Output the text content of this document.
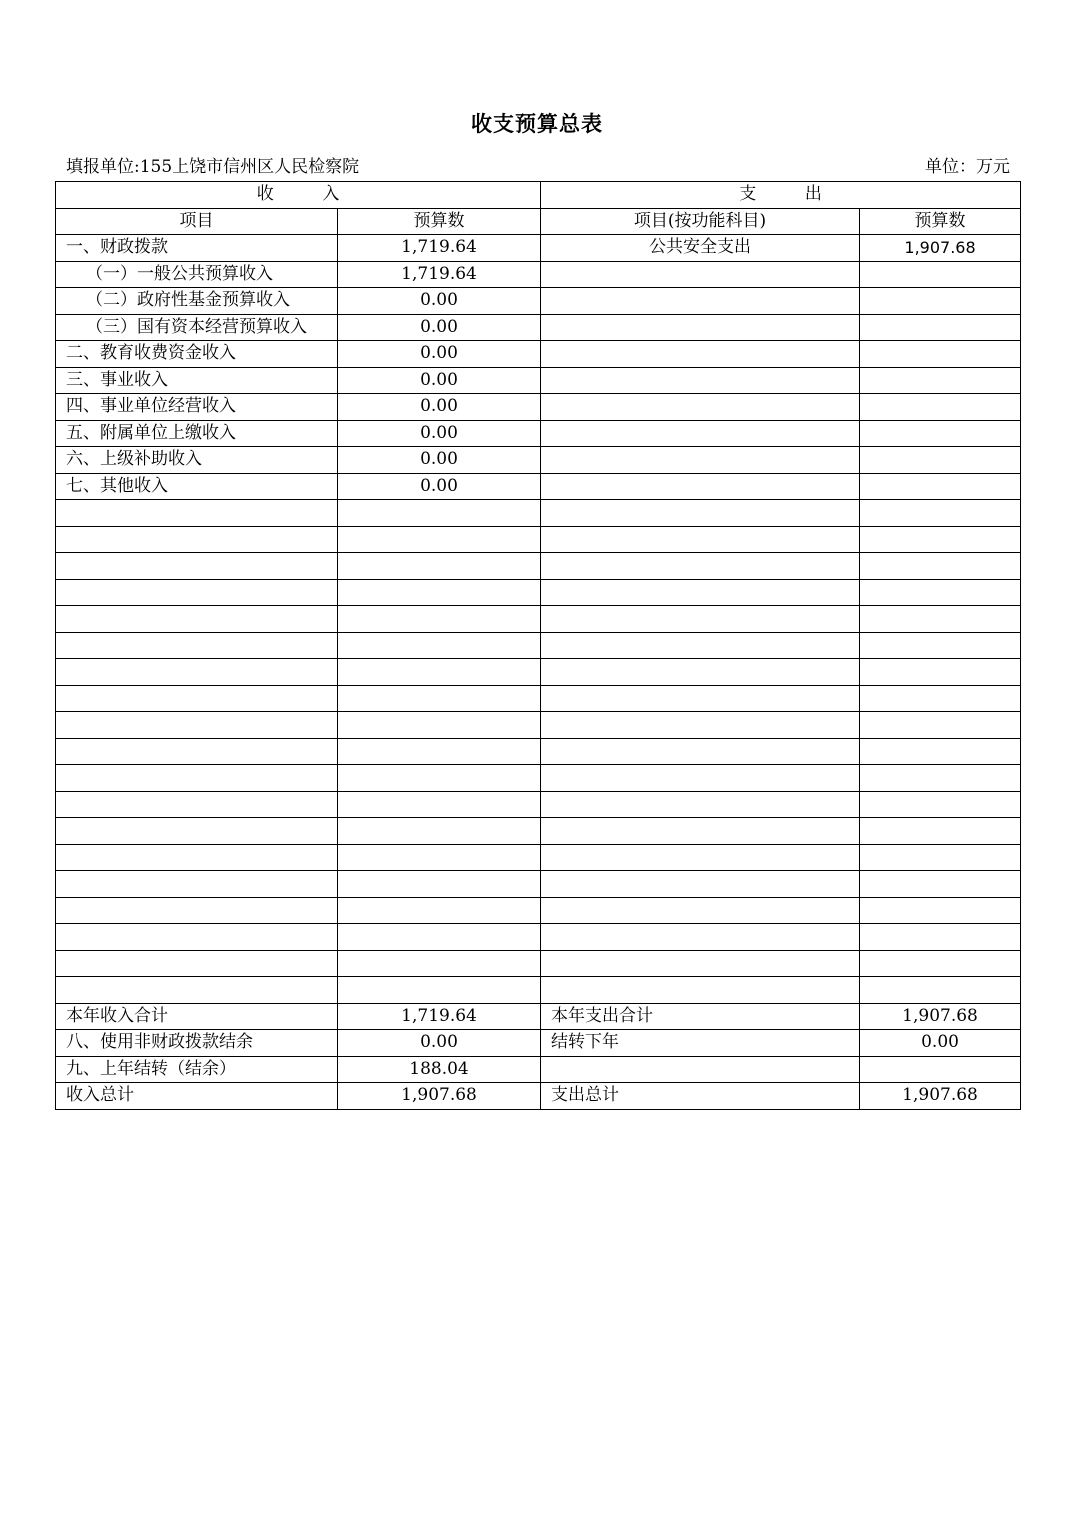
收支预算总表
填报单位:155上饶市信州区人民检察院	单位：万元
收         入		支         出	
项目	预算数	项目(按功能科目)	预算数
一、财政拨款	1,719.64	公共安全支出	1,907.68
（一）一般公共预算收入	1,719.64		
（二）政府性基金预算收入	0.00		
（三）国有资本经营预算收入	0.00		
二、教育收费资金收入	0.00		
三、事业收入	0.00		
四、事业单位经营收入	0.00		
五、附属单位上缴收入	0.00		
六、上级补助收入	0.00		
七、其他收入	0.00		

本年收入合计	1,719.64	本年支出合计	1,907.68
八、使用非财政拨款结余	0.00	结转下年	0.00
九、上年结转（结余）	188.04		
收入总计	1,907.68	支出总计	1,907.68
